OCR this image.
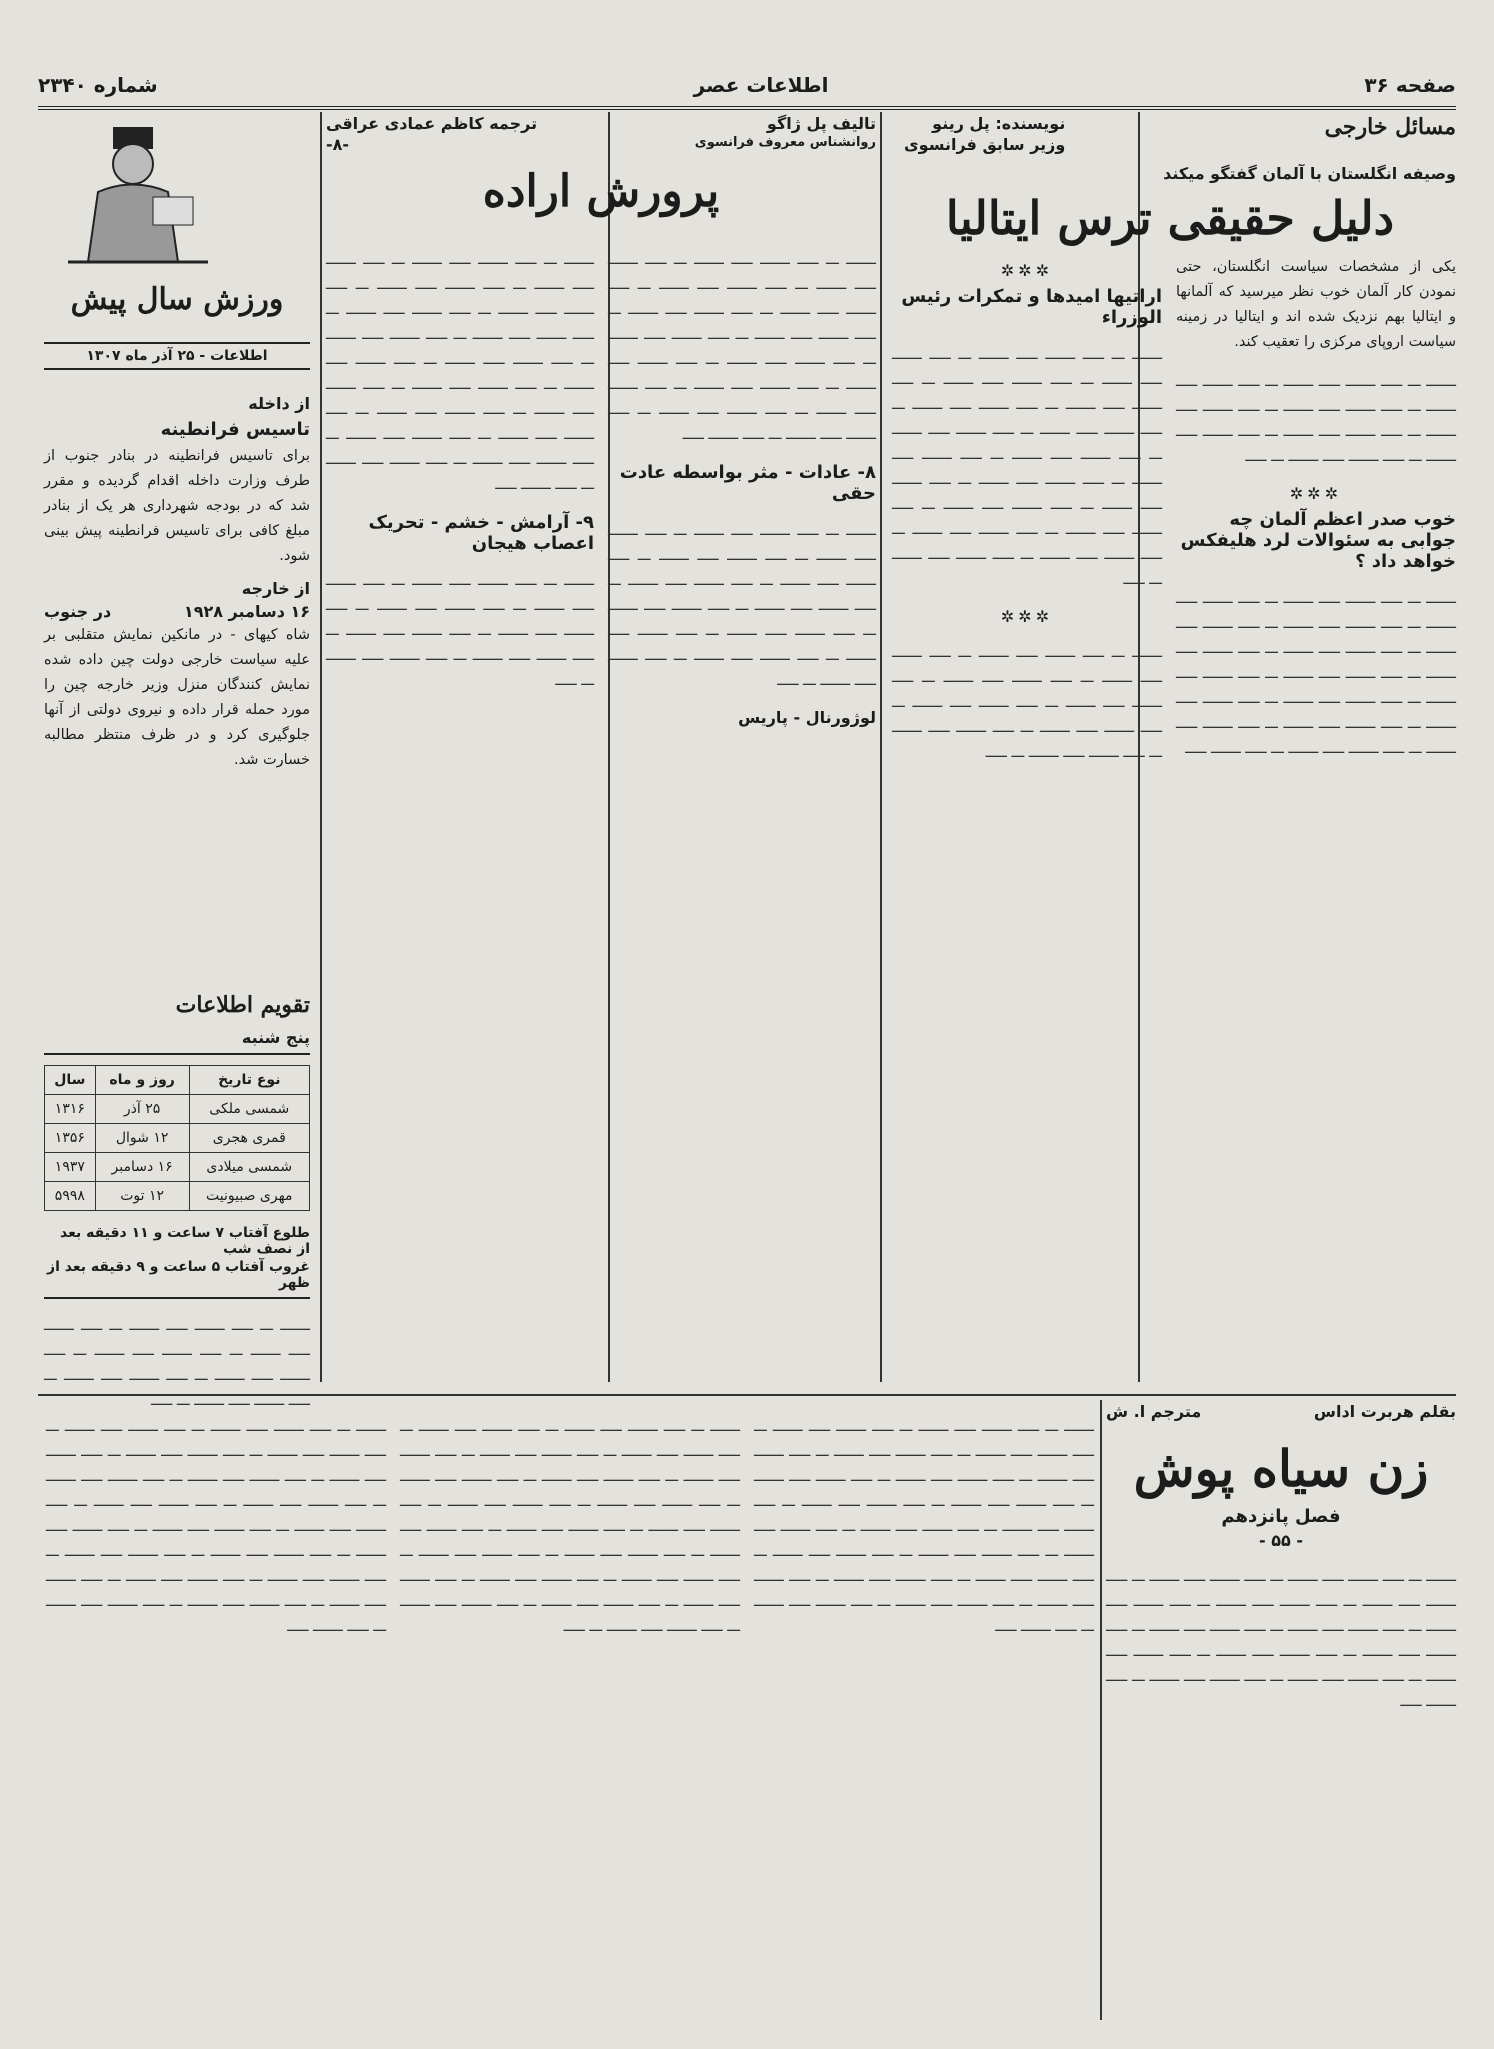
صفحه ۳۶
اطلاعات عصر
شماره ۲۳۴۰
مسائل خارجی
نویسنده: پل رینو
وزیر سابق فرانسوی
وصیفه انگلستان با آلمان گفتگو میکند
دلیل حقیقی ترس ایتالیا

یکی از مشخصات سیاست انگلستان، حتی نمودن کار آلمان خوب نظر میرسید که آلمانها و ایتالیا بهم نزدیک شده اند و ایتالیا در زمینه سیاست اروپای مرکزی را تعقیب کند.

ـــــــ ـــ ـــــ ـــــــ ـــــ ـــــــ ـــ ـــــ ـــــــ ـــــ ـــــــ ـــ ـــــ ـــــــ ـــــ ـــــــ ـــ ـــــ ـــــــ ـــــ ـــــــ ـــ ـــــ ـــــــ ـــــ ـــــــ ـــ ـــــ ـــــــ ـــــ ـــــــ ـــ ـــــ ـــــــ ـــــ ـــــــ ـــ ـــــ

✲✲✲
خوب صدر اعظم آلمان چه جوابی به سئوالات لرد هلیفکس خواهد داد ؟

ـــــــ ـــ ـــــ ـــــــ ـــــ ـــــــ ـــ ـــــ ـــــــ ـــــ ـــــــ ـــ ـــــ ـــــــ ـــــ ـــــــ ـــ ـــــ ـــــــ ـــــ ـــــــ ـــ ـــــ ـــــــ ـــــ ـــــــ ـــ ـــــ ـــــــ ـــــ ـــــــ ـــ ـــــ ـــــــ ـــــ ـــــــ ـــ ـــــ ـــــــ ـــــ ـــــــ ـــ ـــــ ـــــــ ـــــ ـــــــ ـــ ـــــ ـــــــ ـــــ ـــــــ ـــ ـــــ ـــــــ ـــــ ـــــــ ـــ ـــــ ـــــــ ـــــ ـــــــ ـــ ـــــ ـــــــ ـــــ ـــــــ ـــ ـــــ ـــــــ ـــــ

✲✲✲
اراتیها امیدها و تمکرات رئیس الوزراء

ـــــــ ـــ ـــــ ـــــــ ـــــ ـــــــ ـــ ـــــ ـــــــ ـــــ ـــــــ ـــ ـــــ ـــــــ ـــــ ـــــــ ـــ ـــــ ـــــــ ـــــ ـــــــ ـــ ـــــ ـــــــ ـــــ ـــــــ ـــ ـــــ ـــــــ ـــــ ـــــــ ـــ ـــــ ـــــــ ـــــ ـــــــ ـــ ـــــ ـــــــ ـــــ ـــــــ ـــ ـــــ ـــــــ ـــــ ـــــــ ـــ ـــــ ـــــــ ـــــ ـــــــ ـــ ـــــ ـــــــ ـــــ ـــــــ ـــ ـــــ ـــــــ ـــــ ـــــــ ـــ ـــــ ـــــــ ـــــ ـــــــ ـــ ـــــ ـــــــ ـــــ ـــــــ ـــ ـــــ ـــــــ ـــــ ـــــــ ـــ ـــــ ـــــــ ـــــ ـــــــ ـــ ـــــ

✲✲✲

ـــــــ ـــ ـــــ ـــــــ ـــــ ـــــــ ـــ ـــــ ـــــــ ـــــ ـــــــ ـــ ـــــ ـــــــ ـــــ ـــــــ ـــ ـــــ ـــــــ ـــــ ـــــــ ـــ ـــــ ـــــــ ـــــ ـــــــ ـــ ـــــ ـــــــ ـــــ ـــــــ ـــ ـــــ ـــــــ ـــــ ـــــــ ـــ ـــــ ـــــــ ـــــ ـــــــ ـــ ـــــ

تالیف پل ژاگو
روانشناس معروف فرانسوی
ترجمه کاظم عمادی عراقی
-۸-
پرورش اراده

ـــــــ ـــ ـــــ ـــــــ ـــــ ـــــــ ـــ ـــــ ـــــــ ـــــ ـــــــ ـــ ـــــ ـــــــ ـــــ ـــــــ ـــ ـــــ ـــــــ ـــــ ـــــــ ـــ ـــــ ـــــــ ـــــ ـــــــ ـــ ـــــ ـــــــ ـــــ ـــــــ ـــ ـــــ ـــــــ ـــــ ـــــــ ـــ ـــــ ـــــــ ـــــ ـــــــ ـــ ـــــ ـــــــ ـــــ ـــــــ ـــ ـــــ ـــــــ ـــــ ـــــــ ـــ ـــــ ـــــــ ـــــ ـــــــ ـــ ـــــ ـــــــ ـــــ ـــــــ ـــ ـــــ ـــــــ ـــــ ـــــــ ـــ ـــــ ـــــــ ـــــ

۸- عادات - مثر بواسطه عادت حقی

ـــــــ ـــ ـــــ ـــــــ ـــــ ـــــــ ـــ ـــــ ـــــــ ـــــ ـــــــ ـــ ـــــ ـــــــ ـــــ ـــــــ ـــ ـــــ ـــــــ ـــــ ـــــــ ـــ ـــــ ـــــــ ـــــ ـــــــ ـــ ـــــ ـــــــ ـــــ ـــــــ ـــ ـــــ ـــــــ ـــــ ـــــــ ـــ ـــــ ـــــــ ـــــ ـــــــ ـــ ـــــ ـــــــ ـــــ ـــــــ ـــ ـــــ ـــــــ ـــــ ـــــــ ـــ ـــــ ـــــــ ـــــ ـــــــ ـــ ـــــ

لوژورنال - پاریس

ـــــــ ـــ ـــــ ـــــــ ـــــ ـــــــ ـــ ـــــ ـــــــ ـــــ ـــــــ ـــ ـــــ ـــــــ ـــــ ـــــــ ـــ ـــــ ـــــــ ـــــ ـــــــ ـــ ـــــ ـــــــ ـــــ ـــــــ ـــ ـــــ ـــــــ ـــــ ـــــــ ـــ ـــــ ـــــــ ـــــ ـــــــ ـــ ـــــ ـــــــ ـــــ ـــــــ ـــ ـــــ ـــــــ ـــــ ـــــــ ـــ ـــــ ـــــــ ـــــ ـــــــ ـــ ـــــ ـــــــ ـــــ ـــــــ ـــ ـــــ ـــــــ ـــــ ـــــــ ـــ ـــــ ـــــــ ـــــ ـــــــ ـــ ـــــ ـــــــ ـــــ ـــــــ ـــ ـــــ ـــــــ ـــــ ـــــــ ـــ ـــــ ـــــــ ـــــ ـــــــ ـــ ـــــ ـــــــ ـــــ

۹- آرامش - خشم - تحریک اعصاب هیجان

ـــــــ ـــ ـــــ ـــــــ ـــــ ـــــــ ـــ ـــــ ـــــــ ـــــ ـــــــ ـــ ـــــ ـــــــ ـــــ ـــــــ ـــ ـــــ ـــــــ ـــــ ـــــــ ـــ ـــــ ـــــــ ـــــ ـــــــ ـــ ـــــ ـــــــ ـــــ ـــــــ ـــ ـــــ ـــــــ ـــــ ـــــــ ـــ ـــــ

ورزش سال پیش
اطلاعات - ۲۵ آذر ماه ۱۳۰۷
از داخله
تاسیس فرانطینه

برای تاسیس فرانطینه در بنادر جنوب از طرف وزارت داخله اقدام گردیده و مقرر شد که در بودجه شهرداری هر یک از بنادر مبلغ کافی برای تاسیس فرانطینه پیش بینی شود.

از خارجه
۱۶ دسامبر ۱۹۲۸
در جنوب

شاه کیهای - در مانکین نمایش متقلبی بر علیه سیاست خارجی دولت چین داده شده نمایش کنندگان منزل وزیر خارجه چین را مورد حمله قرار داده و نیروی دولتی از آنها جلوگیری کرد و در ظرف منتظر مطالبه خسارت شد.

تقویم اطلاعات
پنج شنبه
نوع تاریخ	روز و ماه	سال
شمسی ملکی	۲۵ آذر	۱۳۱۶
قمری هجری	۱۲ شوال	۱۳۵۶
شمسی میلادی	۱۶ دسامبر	۱۹۳۷
مهری صبیونیت	۱۲ توت	۵۹۹۸
طلوع آفتاب ۷ ساعت و ۱۱ دقیقه بعد از نصف شب
غروب آفتاب ۵ ساعت و ۹ دقیقه بعد از ظهر

ـــــــ ـــ ـــــ ـــــــ ـــــ ـــــــ ـــ ـــــ ـــــــ ـــــ ـــــــ ـــ ـــــ ـــــــ ـــــ ـــــــ ـــ ـــــ ـــــــ ـــــ ـــــــ ـــ ـــــ ـــــــ ـــــ ـــــــ ـــ ـــــ ـــــــ ـــــ ـــــــ ـــ ـــــ

بقلم هربرت اداس
مترجم ا. ش
زن سیاه پوش
فصل پانزدهم
- ۵۵ -

ـــــــ ـــ ـــــ ـــــــ ـــــ ـــــــ ـــ ـــــ ـــــــ ـــــ ـــــــ ـــ ـــــ ـــــــ ـــــ ـــــــ ـــ ـــــ ـــــــ ـــــ ـــــــ ـــ ـــــ ـــــــ ـــــ ـــــــ ـــ ـــــ ـــــــ ـــــ ـــــــ ـــ ـــــ ـــــــ ـــــ ـــــــ ـــ ـــــ ـــــــ ـــــ ـــــــ ـــ ـــــ ـــــــ ـــــ ـــــــ ـــ ـــــ ـــــــ ـــــ ـــــــ ـــ ـــــ ـــــــ ـــــ ـــــــ ـــ ـــــ ـــــــ ـــــ ـــــــ ـــ ـــــ ـــــــ ـــــ

ـــــــ ـــ ـــــ ـــــــ ـــــ ـــــــ ـــ ـــــ ـــــــ ـــــ ـــــــ ـــ ـــــ ـــــــ ـــــ ـــــــ ـــ ـــــ ـــــــ ـــــ ـــــــ ـــ ـــــ ـــــــ ـــــ ـــــــ ـــ ـــــ ـــــــ ـــــ ـــــــ ـــ ـــــ ـــــــ ـــــ ـــــــ ـــ ـــــ ـــــــ ـــــ ـــــــ ـــ ـــــ ـــــــ ـــــ ـــــــ ـــ ـــــ ـــــــ ـــــ ـــــــ ـــ ـــــ ـــــــ ـــــ ـــــــ ـــ ـــــ ـــــــ ـــــ ـــــــ ـــ ـــــ ـــــــ ـــــ ـــــــ ـــ ـــــ ـــــــ ـــــ ـــــــ ـــ ـــــ ـــــــ ـــــ ـــــــ ـــ ـــــ ـــــــ ـــــ ـــــــ ـــ ـــــ ـــــــ ـــــ ـــــــ ـــ ـــــ ـــــــ ـــــ ـــــــ ـــ ـــــ ـــــــ ـــــ ـــــــ ـــ ـــــ ـــــــ ـــــ

ـــــــ ـــ ـــــ ـــــــ ـــــ ـــــــ ـــ ـــــ ـــــــ ـــــ ـــــــ ـــ ـــــ ـــــــ ـــــ ـــــــ ـــ ـــــ ـــــــ ـــــ ـــــــ ـــ ـــــ ـــــــ ـــــ ـــــــ ـــ ـــــ ـــــــ ـــــ ـــــــ ـــ ـــــ ـــــــ ـــــ ـــــــ ـــ ـــــ ـــــــ ـــــ ـــــــ ـــ ـــــ ـــــــ ـــــ ـــــــ ـــ ـــــ ـــــــ ـــــ ـــــــ ـــ ـــــ ـــــــ ـــــ ـــــــ ـــ ـــــ ـــــــ ـــــ ـــــــ ـــ ـــــ ـــــــ ـــــ ـــــــ ـــ ـــــ ـــــــ ـــــ ـــــــ ـــ ـــــ ـــــــ ـــــ ـــــــ ـــ ـــــ ـــــــ ـــــ ـــــــ ـــ ـــــ ـــــــ ـــــ ـــــــ ـــ ـــــ ـــــــ ـــــ ـــــــ ـــ ـــــ ـــــــ ـــــ ـــــــ ـــ ـــــ ـــــــ ـــــ ـــــــ ـــ ـــــ

ـــــــ ـــ ـــــ ـــــــ ـــــ ـــــــ ـــ ـــــ ـــــــ ـــــ ـــــــ ـــ ـــــ ـــــــ ـــــ ـــــــ ـــ ـــــ ـــــــ ـــــ ـــــــ ـــ ـــــ ـــــــ ـــــ ـــــــ ـــ ـــــ ـــــــ ـــــ ـــــــ ـــ ـــــ ـــــــ ـــــ ـــــــ ـــ ـــــ ـــــــ ـــــ ـــــــ ـــ ـــــ ـــــــ ـــــ ـــــــ ـــ ـــــ ـــــــ ـــــ ـــــــ ـــ ـــــ ـــــــ ـــــ ـــــــ ـــ ـــــ ـــــــ ـــــ ـــــــ ـــ ـــــ ـــــــ ـــــ ـــــــ ـــ ـــــ ـــــــ ـــــ ـــــــ ـــ ـــــ ـــــــ ـــــ ـــــــ ـــ ـــــ ـــــــ ـــــ ـــــــ ـــ ـــــ ـــــــ ـــــ ـــــــ ـــ ـــــ ـــــــ ـــــ ـــــــ ـــ ـــــ ـــــــ ـــــ ـــــــ ـــ ـــــ ـــــــ ـــــ
